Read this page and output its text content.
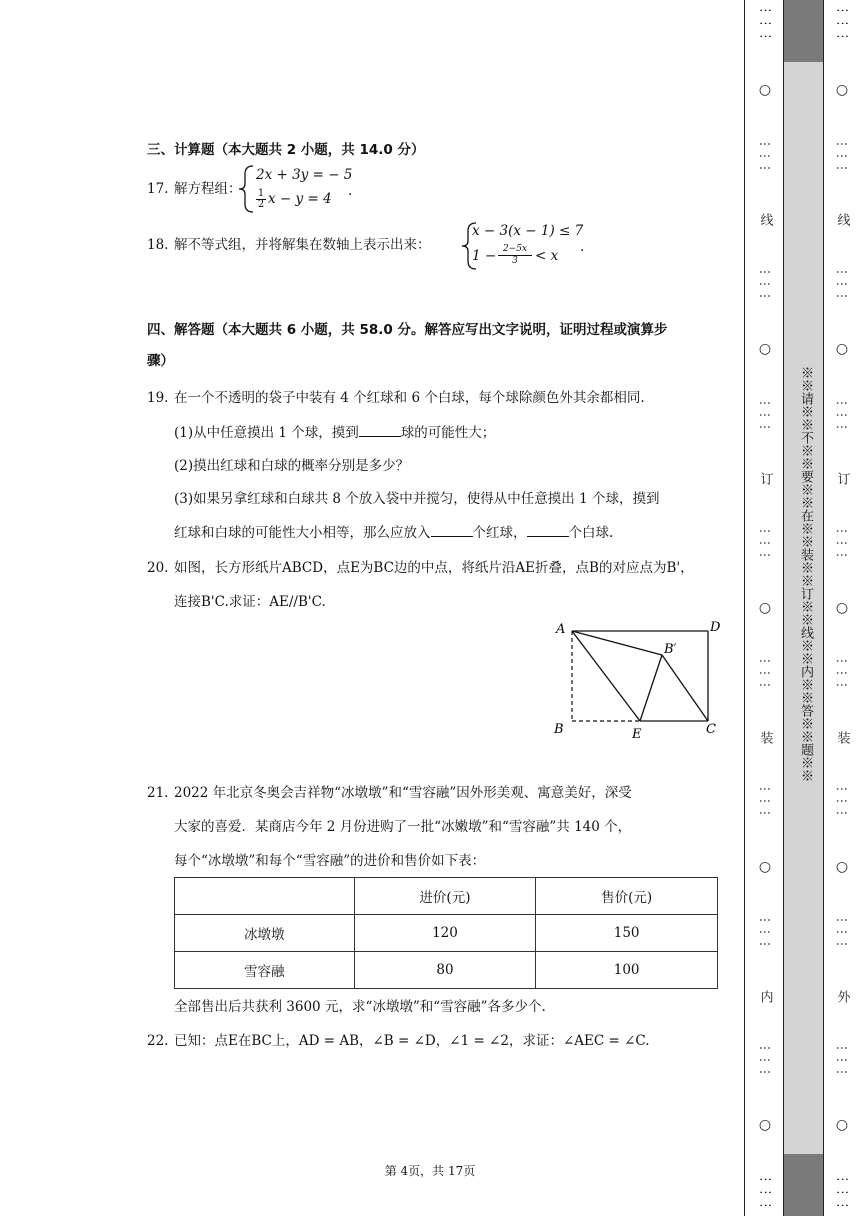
三、计算题（本大题共 2 小题，共 14.0 分）
17. 解方程组：
2x + 3y = − 5
$\frac{1}{2}$ x − y = 4 .
18. 解不等式组，并将解集在数轴上表示出来：
x − 3(x − 1) ≤ 7
$1 - \frac{2-5x}{3} < x$
.
四、解答题（本大题共 6 小题，共 58.0 分。解答应写出文字说明，证明过程或演算步
骤）
19. 在一个不透明的袋子中装有 4 个红球和 6 个白球，每个球除颜色外其余都相同.
(1)从中任意摸出 1 个球，摸到	球的可能性大；
(2)摸出红球和白球的概率分别是多少？
(3)如果另拿红球和白球共 8 个放入袋中并搅匀，使得从中任意摸出 1 个球，摸到
红球和白球的可能性大小相等，那么应放入	个红球，	个白球.
20. 如图，长方形纸片ABCD，点E为BC边的中点，将纸片沿AE折叠，点B的对应点为B'，
连接B'C.求证：AE//B'C.
A	D
B′
B	E	C
21. 2022 年北京冬奥会吉祥物“冰墩墩”和“雪容融”因外形美观、寓意美好，深受
大家的喜爱．某商店今年 2 月份进购了一批“冰嫩墩”和“雪容融”共 140 个，
每个“冰墩墩”和每个“雪容融”的进价和售价如下表：
	进价(元)	售价(元)
冰墩墩	120	150
雪容融	80	100
全部售出后共获利 3600 元，求“冰墩墩”和“雪容融”各多少个.
22. 已知：点E在BC上，AD = AB，∠B = ∠D，∠1 = ∠2，求证：∠AEC = ∠C.
第 4页，共 17页
⋮⋮⋮
○
⋮⋮⋮
线
⋮⋮⋮
○
⋮⋮⋮
订
⋮⋮⋮
○
⋮⋮⋮
装
⋮⋮⋮
○
⋮⋮⋮
内
⋮⋮⋮
○
⋮⋮⋮
※※请※※不※※要※※在※※装※※订※※线※※内※※答※※题※※
⋮⋮⋮
○
⋮⋮⋮
线
⋮⋮⋮
○
⋮⋮⋮
订
⋮⋮⋮
○
⋮⋮⋮
装
⋮⋮⋮
○
⋮⋮⋮
外
⋮⋮⋮
○
⋮⋮⋮
